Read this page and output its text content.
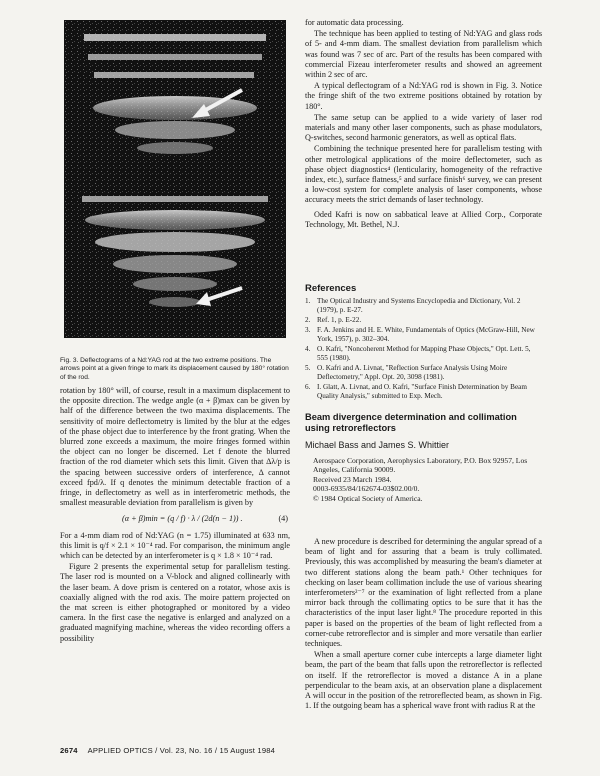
Fig. 3. Deflectograms of a Nd:YAG rod at the two extreme positions. The arrows point at a given fringe to mark its displacement caused by 180° rotation of the rod.

rotation by 180° will, of course, result in a maximum displacement to the opposite direction. The wedge angle (α + β)max can be given by half of the difference between the two maxima displacements. The sensitivity of moire deflectometry is limited by the blur at the edges of the phase object due to interference by the front grating. When the blurred zone exceeds a maximum, the moire fringes formed within the object can no longer be discerned. Let f denote the blurred fraction of the rod diameter which sets this limit. Given that Δλ/p is the spacing between successive orders of interference, Δ cannot exceed fpd/λ. If q denotes the minimum detectable fraction of a fringe, in deflectometry as well as in interferometric methods, the smallest measurable deviation from parallelism is given by

(α + β)min = (q / f) · λ / (2d(n − 1)) .	(4)

For a 4-mm diam rod of Nd:YAG (n = 1.75) illuminated at 633 nm, this limit is q/f × 2.1 × 10⁻⁴ rad. For comparison, the minimum angle which can be detected by an interferometer is q × 1.8 × 10⁻⁴ rad.

Figure 2 presents the experimental setup for parallelism testing. The laser rod is mounted on a V-block and aligned collinearly with the laser beam. A dove prism is centered on a rotator, whose axis is coaxially aligned with the rod axis. The moire pattern projected on the mat screen is either photographed or monitored by a video camera. In the first case the negative is enlarged and analyzed on a graduated magnifying machine, whereas the video recording offers a possibility

for automatic data processing.

The technique has been applied to testing of Nd:YAG and glass rods of 5- and 4-mm diam. The smallest deviation from parallelism which was found was 7 sec of arc. Part of the results has been compared with commercial Fizeau interferometer results and showed an agreement within 2 sec of arc.

A typical deflectogram of a Nd:YAG rod is shown in Fig. 3. Notice the fringe shift of the two extreme positions obtained by rotation by 180°.

The same setup can be applied to a wide variety of laser rod materials and many other laser components, such as phase modulators, Q-switches, second harmonic generators, as well as optical flats.

Combining the technique presented here for parallelism testing with other metrological applications of the moire deflectometer, such as phase object diagnostics⁴ (lenticularity, homogeneity of the refractive index, etc.), surface flatness,⁵ and surface finish⁶ survey, we can present a low-cost system for complete analysis of laser components, whose accuracy meets the strict demands of laser technology.

Oded Kafri is now on sabbatical leave at Allied Corp., Corporate Technology, Mt. Bethel, N.J.

References
1. The Optical Industry and Systems Encyclopedia and Dictionary, Vol. 2 (1979), p. E-27.
2. Ref. 1, p. E-22.
3. F. A. Jenkins and H. E. White, Fundamentals of Optics (McGraw-Hill, New York, 1957), p. 302–304.
4. O. Kafri, "Noncoherent Method for Mapping Phase Objects," Opt. Lett. 5, 555 (1980).
5. O. Kafri and A. Livnat, "Reflection Surface Analysis Using Moire Deflectometry," Appl. Opt. 20, 3098 (1981).
6. I. Glatt, A. Livnat, and O. Kafri, "Surface Finish Determination by Beam Quality Analysis," submitted to Exp. Mech.
Beam divergence determination and collimation using retroreflectors
Michael Bass and James S. Whittier
Aerospace Corporation, Aerophysics Laboratory, P.O. Box 92957, Los Angeles, California 90009.
Received 23 March 1984.
0003-6935/84/162674-03$02.00/0.
© 1984 Optical Society of America.

A new procedure is described for determining the angular spread of a beam of light and for assuring that a beam is truly collimated. Previously, this was accomplished by measuring the beam's diameter at two different stations along the beam path.¹ Other techniques for checking on laser beam collimation include the use of various shearing interferometers²⁻⁷ or the examination of light reflected from a plane mirror back through the collimating optics to be sure that it has the characteristics of the input laser light.⁸ The procedure reported in this paper is based on the properties of the beam of light reflected from a corner-cube retroreflector and is simpler and more versatile than earlier techniques.

When a small aperture corner cube intercepts a large diameter light beam, the part of the beam that falls upon the retroreflector is reflected on itself. If the retroreflector is moved a distance A in a plane perpendicular to the beam axis, at an observation plane a displacement A will occur in the position of the retroreflected beam, as shown in Fig. 1. If the outgoing beam has a spherical wave front with radius R at the

2674 APPLIED OPTICS / Vol. 23, No. 16 / 15 August 1984
